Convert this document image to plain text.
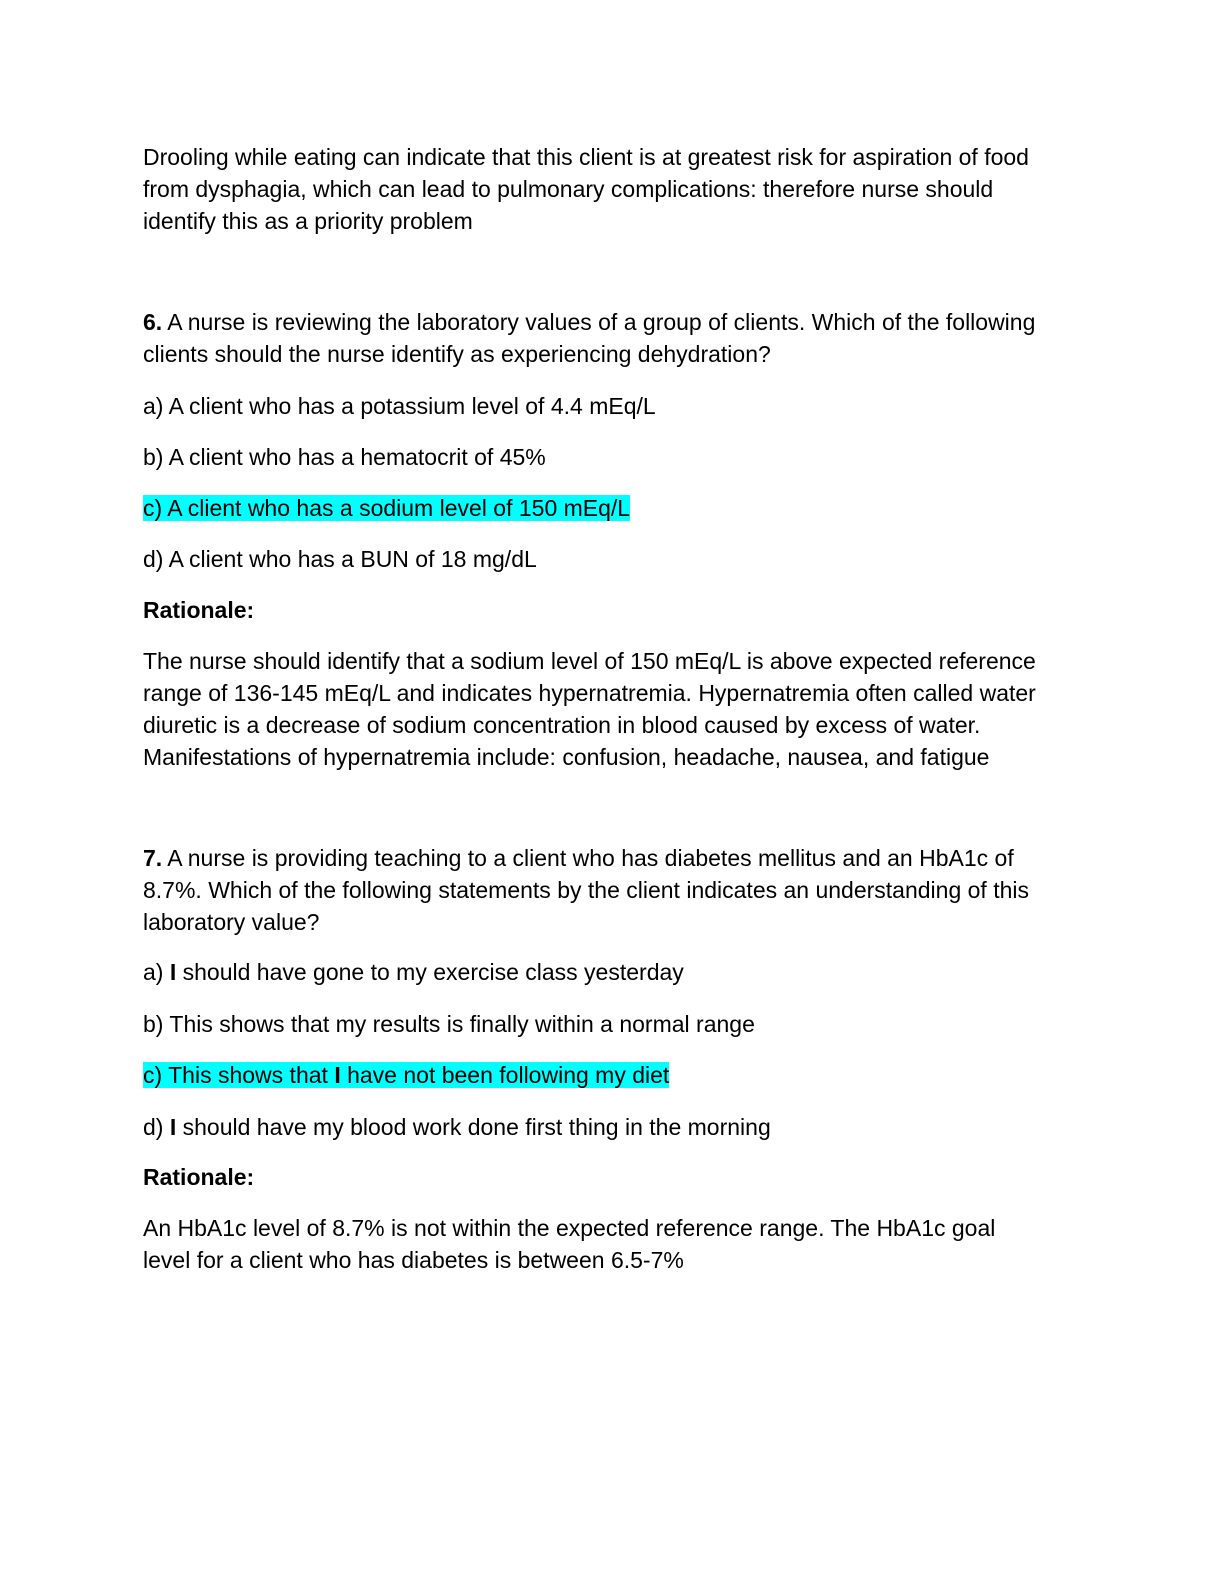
Drooling while eating can indicate that this client is at greatest risk for aspiration of food
from dysphagia, which can lead to pulmonary complications: therefore nurse should
identify this as a priority problem

6. A nurse is reviewing the laboratory values of a group of clients. Which of the following
clients should the nurse identify as experiencing dehydration?

a) A client who has a potassium level of 4.4 mEq/L

b) A client who has a hematocrit of 45%

c) A client who has a sodium level of 150 mEq/L

d) A client who has a BUN of 18 mg/dL

Rationale:

The nurse should identify that a sodium level of 150 mEq/L is above expected reference
range of 136-145 mEq/L and indicates hypernatremia. Hypernatremia often called water
diuretic is a decrease of sodium concentration in blood caused by excess of water.
Manifestations of hypernatremia include: confusion, headache, nausea, and fatigue

7. A nurse is providing teaching to a client who has diabetes mellitus and an HbA1c of
8.7%. Which of the following statements by the client indicates an understanding of this
laboratory value?

a) I should have gone to my exercise class yesterday

b) This shows that my results is finally within a normal range

c) This shows that I have not been following my diet

d) I should have my blood work done first thing in the morning

Rationale:

An HbA1c level of 8.7% is not within the expected reference range. The HbA1c goal
level for a client who has diabetes is between 6.5-7%
